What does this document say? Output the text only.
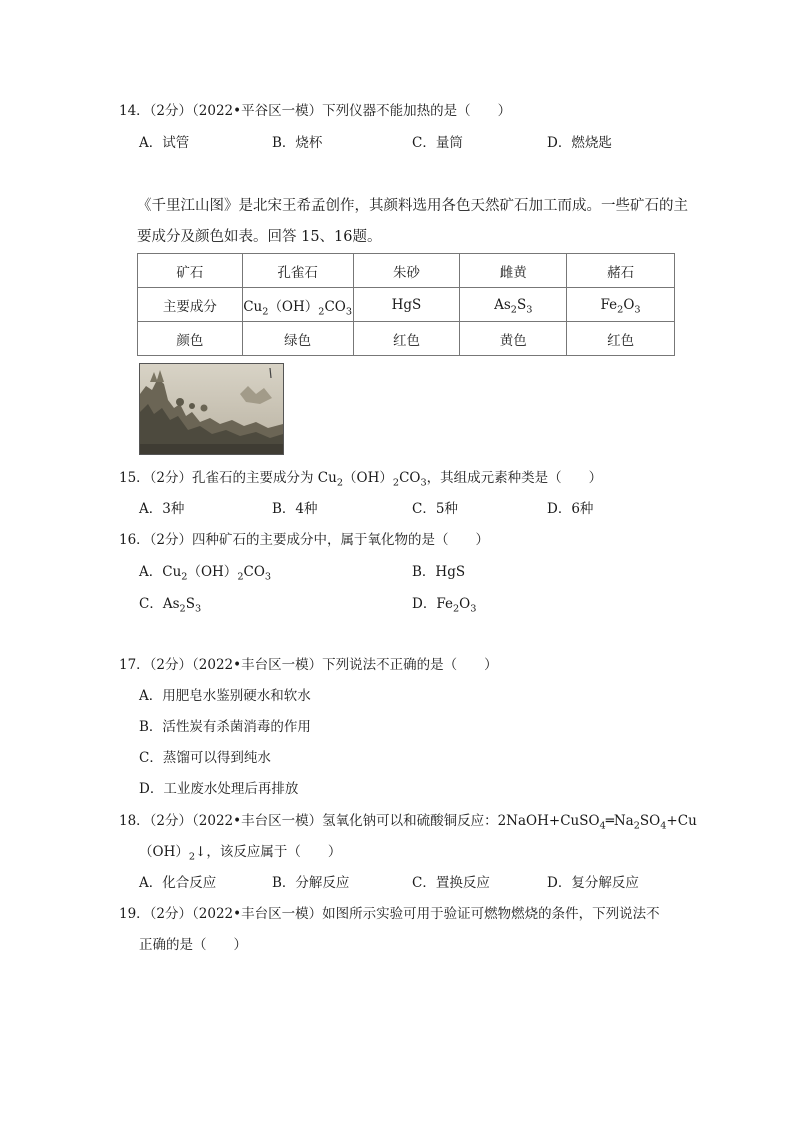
14．（2分）（2022•平谷区一模）下列仪器不能加热的是（　　）
A．试管	B．烧杯	C．量筒	D．燃烧匙
《千里江山图》是北宋王希孟创作，其颜料选用各色天然矿石加工而成。一些矿石的主
要成分及颜色如表。回答 15、16题。
矿石	孔雀石	朱砂	雌黄	赭石
主要成分	$Cu_2(OH)_2CO_3$	HgS	$As_2S_3$	$Fe_2O_3$
颜色	绿色	红色	黄色	红色
15．（2分）孔雀石的主要成分为 $Cu_2(OH)_2CO_3$，其组成元素种类是（　　）
A．3种	B．4种	C．5种	D．6种
16．（2分）四种矿石的主要成分中，属于氧化物的是（　　）
A．$Cu_2(OH)_2CO_3$	B．HgS
C．$As_2S_3$	D．$Fe_2O_3$
17．（2分）（2022•丰台区一模）下列说法不正确的是（　　）
A．用肥皂水鉴别硬水和软水
B．活性炭有杀菌消毒的作用
C．蒸馏可以得到纯水
D．工业废水处理后再排放
18．（2分）（2022•丰台区一模）氢氧化钠可以和硫酸铜反应：$2NaOH+CuSO_4═Na_2SO_4+Cu$
$(OH)_2↓$，该反应属于（　　）
A．化合反应	B．分解反应	C．置换反应	D．复分解反应
19．（2分）（2022•丰台区一模）如图所示实验可用于验证可燃物燃烧的条件，下列说法不
正确的是（　　）
